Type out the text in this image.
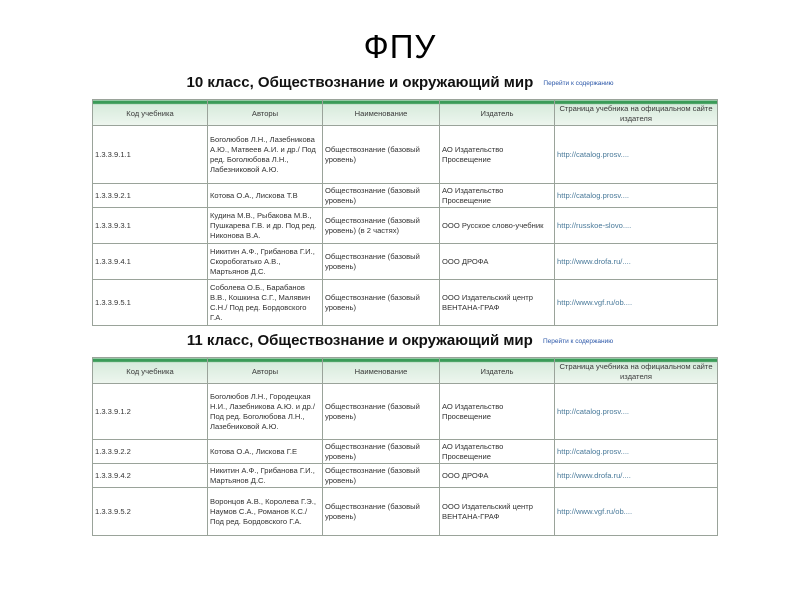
ФПУ
10 класс, Обществознание и окружающий мир Перейти к содержанию
Код учебника	Авторы	Наименование	Издатель	Страница учебника на официальном сайте издателя
1.3.3.9.1.1	Боголюбов Л.Н., Лазебникова А.Ю., Матвеев А.И. и др./ Под ред. Боголюбова Л.Н., Лабезниковой А.Ю.	Обществознание (базовый уровень)	АО Издательство Просвещение	http://catalog.prosv....
1.3.3.9.2.1	Котова О.А., Лискова Т.В	Обществознание (базовый уровень)	АО Издательство Просвещение	http://catalog.prosv....
1.3.3.9.3.1	Кудина М.В., Рыбакова М.В., Пушкарева Г.В. и др. Под ред. Никонова В.А.	Обществознание (базовый уровень) (в 2 частях)	ООО Русское слово-учебник	http://russkoe-slovo....
1.3.3.9.4.1	Никитин А.Ф., Грибанова Г.И., Скоробогатько А.В., Мартьянов Д.С.	Обществознание (базовый уровень)	ООО ДРОФА	http://www.drofa.ru/....
1.3.3.9.5.1	Соболева О.Б., Барабанов В.В., Кошкина С.Г., Малявин С.Н./ Под ред. Бордовского Г.А.	Обществознание (базовый уровень)	ООО Издательский центр ВЕНТАНА-ГРАФ	http://www.vgf.ru/ob....
11 класс, Обществознание и окружающий мир Перейти к содержанию
Код учебника	Авторы	Наименование	Издатель	Страница учебника на официальном сайте издателя
1.3.3.9.1.2	Боголюбов Л.Н., Городецкая Н.И., Лазебникова А.Ю. и др./ Под ред. Боголюбова Л.Н., Лазебниковой А.Ю.	Обществознание (базовый уровень)	АО Издательство Просвещение	http://catalog.prosv....
1.3.3.9.2.2	Котова О.А., Лискова Г.Е	Обществознание (базовый уровень)	АО Издательство Просвещение	http://catalog.prosv....
1.3.3.9.4.2	Никитин А.Ф., Грибанова Г.И., Мартьянов Д.С.	Обществознание (базовый уровень)	ООО ДРОФА	http://www.drofa.ru/....
1.3.3.9.5.2	Воронцов А.В., Королева Г.Э., Наумов С.А., Романов К.С./ Под ред. Бордовского Г.А.	Обществознание (базовый уровень)	ООО Издательский центр ВЕНТАНА-ГРАФ	http://www.vgf.ru/ob....
